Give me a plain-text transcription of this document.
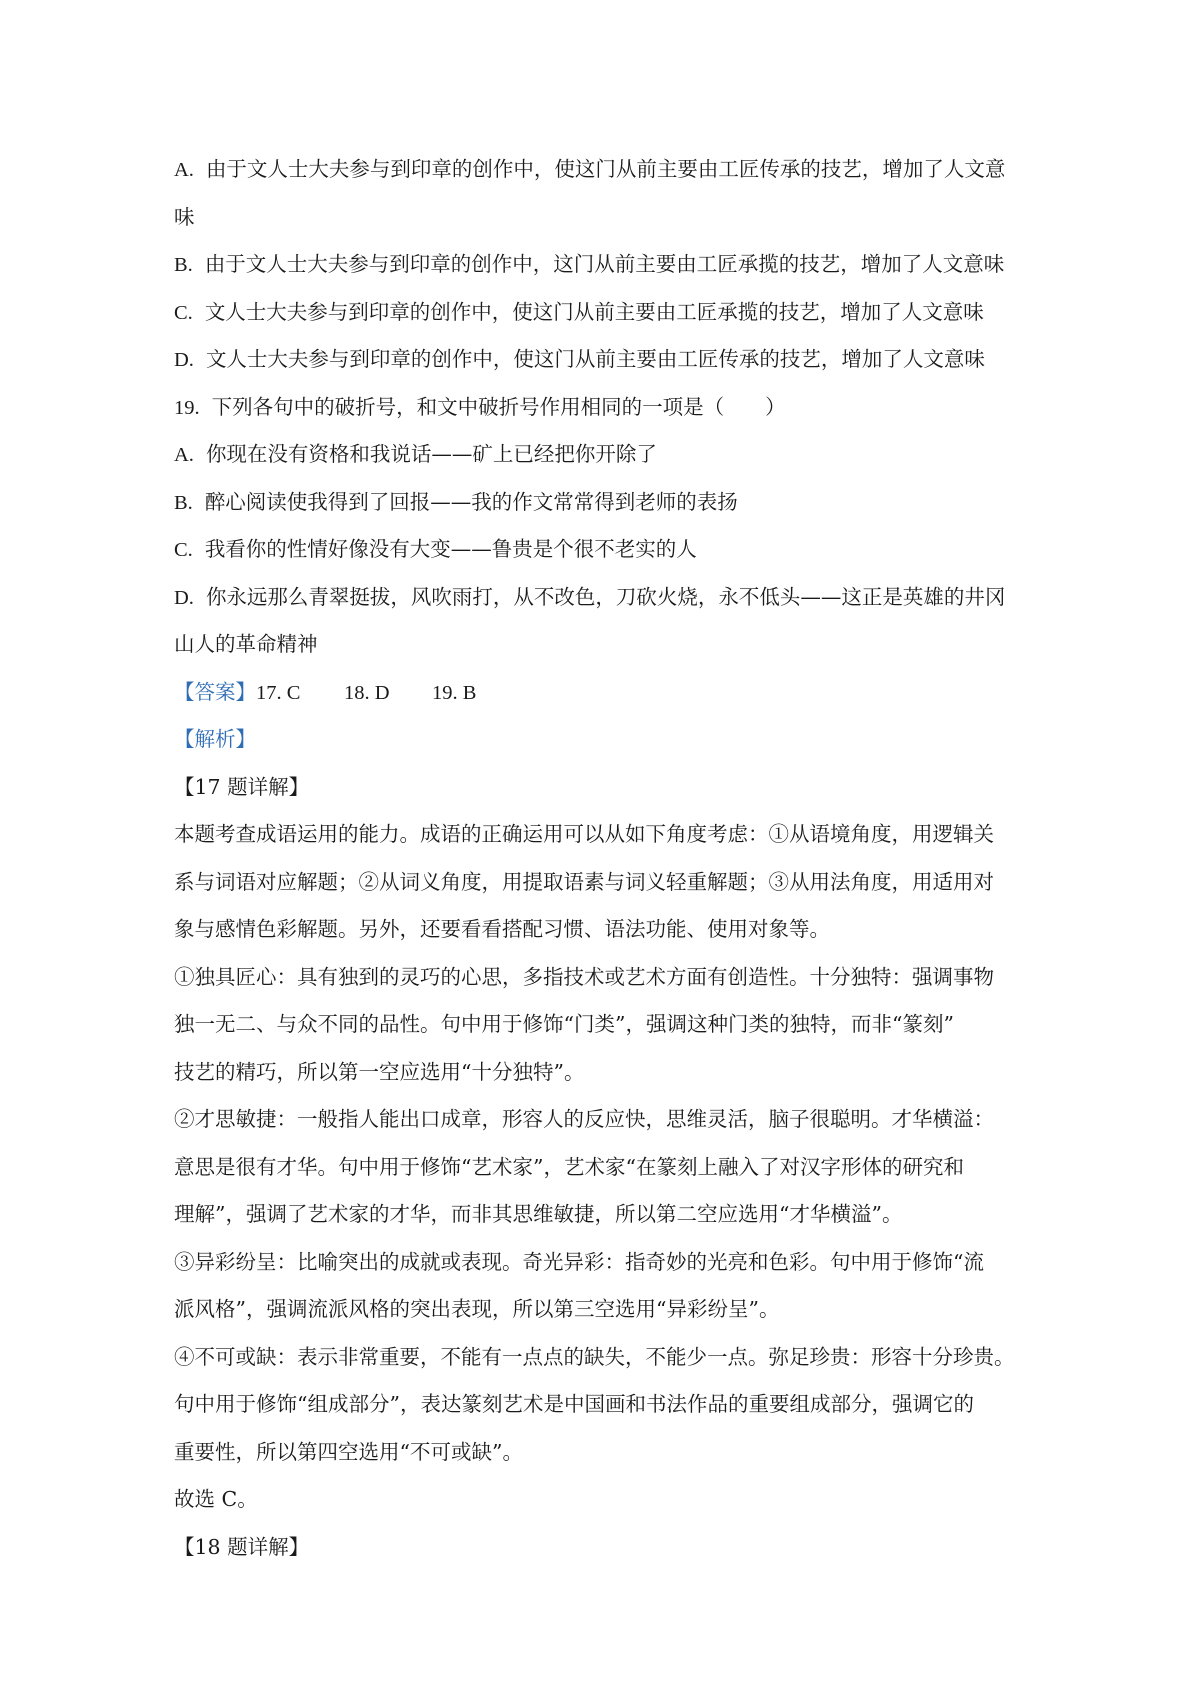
A. 由于文人士大夫参与到印章的创作中，使这门从前主要由工匠传承的技艺，增加了人文意
味
B. 由于文人士大夫参与到印章的创作中，这门从前主要由工匠承揽的技艺，增加了人文意味
C. 文人士大夫参与到印章的创作中，使这门从前主要由工匠承揽的技艺，增加了人文意味
D. 文人士大夫参与到印章的创作中，使这门从前主要由工匠传承的技艺，增加了人文意味
19. 下列各句中的破折号，和文中破折号作用相同的一项是（　　）
A. 你现在没有资格和我说话——矿上已经把你开除了
B. 醉心阅读使我得到了回报——我的作文常常得到老师的表扬
C. 我看你的性情好像没有大变——鲁贵是个很不老实的人
D. 你永远那么青翠挺拔，风吹雨打，从不改色，刀砍火烧，永不低头——这正是英雄的井冈
山人的革命精神
【答案】17. C 18. D 19. B
【解析】
【17 题详解】
本题考查成语运用的能力。成语的正确运用可以从如下角度考虑：①从语境角度，用逻辑关
系与词语对应解题；②从词义角度，用提取语素与词义轻重解题；③从用法角度，用适用对
象与感情色彩解题。另外，还要看看搭配习惯、语法功能、使用对象等。
①独具匠心：具有独到的灵巧的心思，多指技术或艺术方面有创造性。十分独特：强调事物
独一无二、与众不同的品性。句中用于修饰“门类”，强调这种门类的独特，而非“篆刻”
技艺的精巧，所以第一空应选用“十分独特”。
②才思敏捷：一般指人能出口成章，形容人的反应快，思维灵活，脑子很聪明。才华横溢：
意思是很有才华。句中用于修饰“艺术家”，艺术家“在篆刻上融入了对汉字形体的研究和
理解”，强调了艺术家的才华，而非其思维敏捷，所以第二空应选用“才华横溢”。
③异彩纷呈：比喻突出的成就或表现。奇光异彩：指奇妙的光亮和色彩。句中用于修饰“流
派风格”，强调流派风格的突出表现，所以第三空选用“异彩纷呈”。
④不可或缺：表示非常重要，不能有一点点的缺失，不能少一点。弥足珍贵：形容十分珍贵。
句中用于修饰“组成部分”，表达篆刻艺术是中国画和书法作品的重要组成部分，强调它的
重要性，所以第四空选用“不可或缺”。
故选 C。
【18 题详解】
